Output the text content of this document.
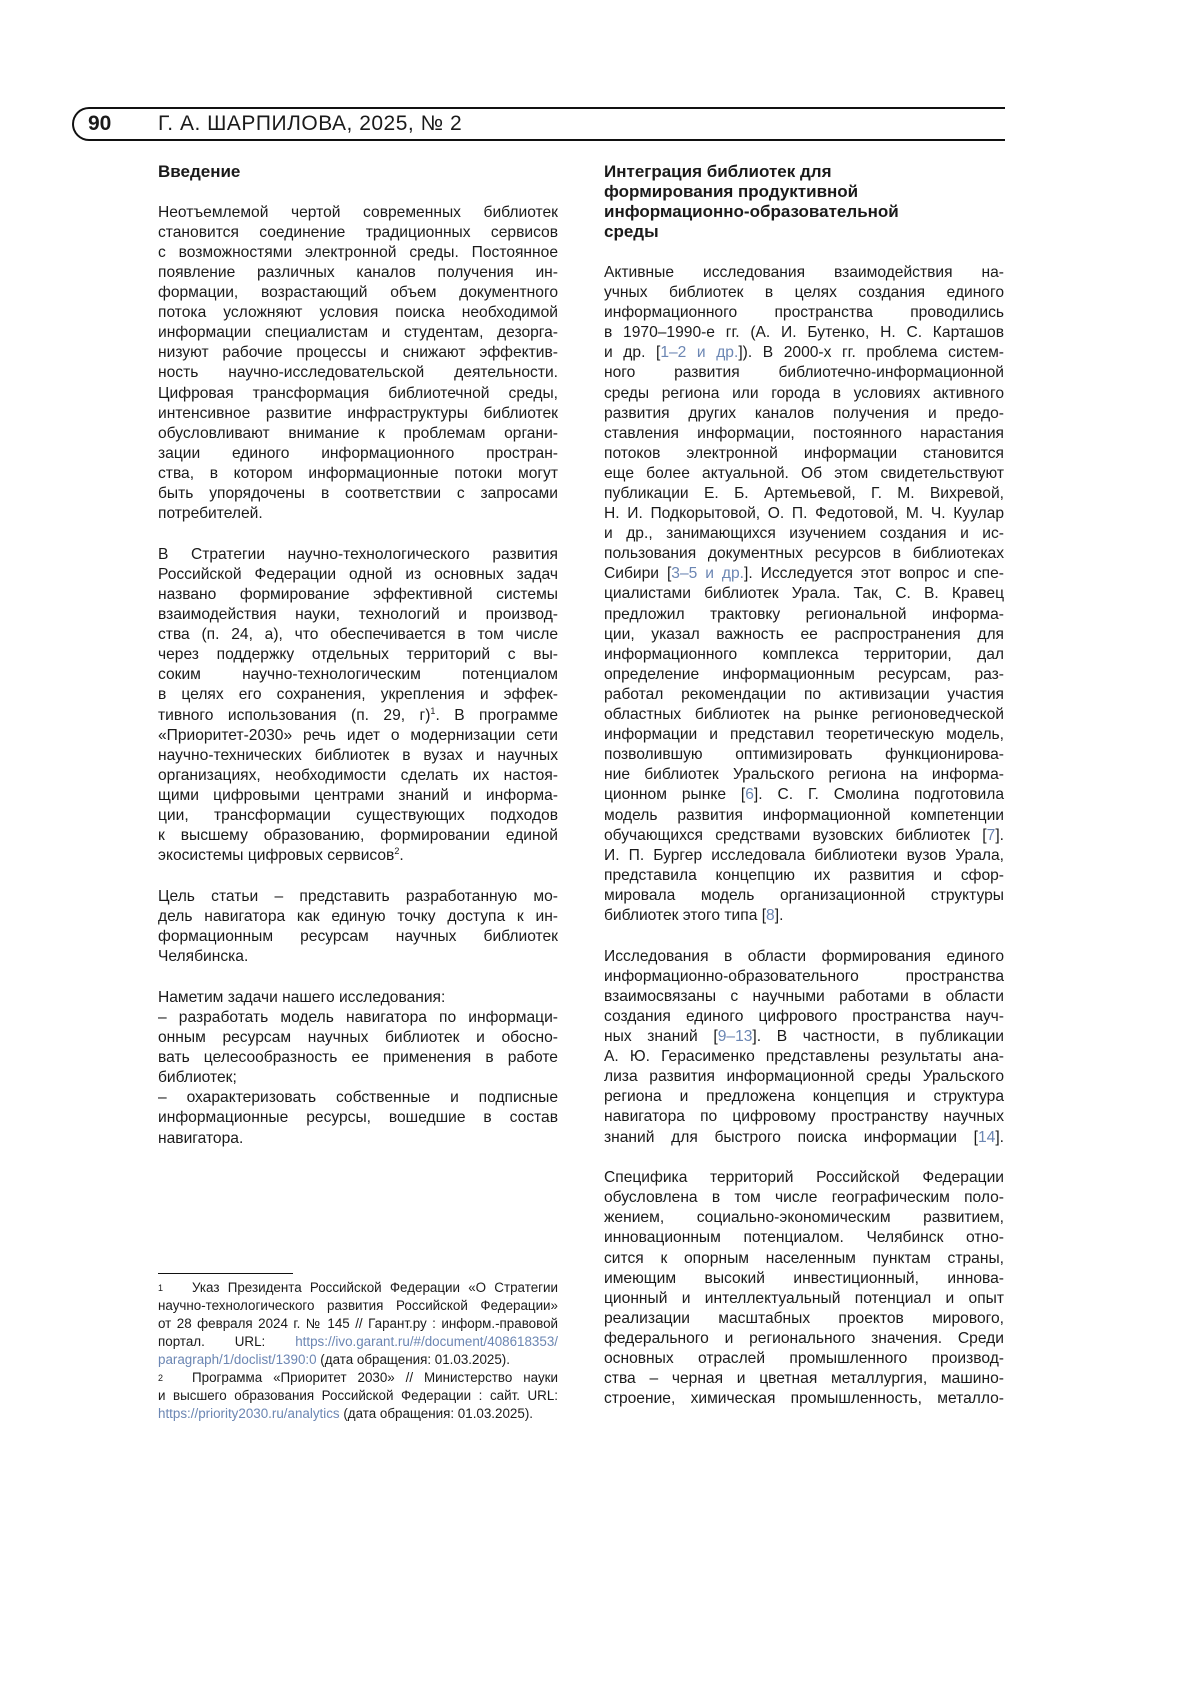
90 Г. А. ШАРПИЛОВА, 2025, № 2
Введение
Неотъемлемой чертой современных библиотек
становится соединение традиционных сервисов
с возможностями электронной среды. Постоянное
появление различных каналов получения ин-
формации, возрастающий объем документного
потока усложняют условия поиска необходимой
информации специалистам и студентам, дезорга-
низуют рабочие процессы и снижают эффектив-
ность научно-исследовательской деятельности.
Цифровая трансформация библиотечной среды,
интенсивное развитие инфраструктуры библиотек
обусловливают внимание к проблемам органи-
зации единого информационного простран-
ства, в котором информационные потоки могут
быть упорядочены в соответствии с запросами
потребителей.
В Стратегии научно-технологического развития
Российской Федерации одной из основных задач
названо формирование эффективной системы
взаимодействия науки, технологий и производ-
ства (п. 24, а), что обеспечивается в том числе
через поддержку отдельных территорий с вы-
соким научно-технологическим потенциалом
в целях его сохранения, укрепления и эффек-
тивного использования (п. 29, г)1. В программе
«Приоритет-2030» речь идет о модернизации сети
научно-технических библиотек в вузах и научных
организациях, необходимости сделать их настоя-
щими цифровыми центрами знаний и информа-
ции, трансформации существующих подходов
к высшему образованию, формировании единой
экосистемы цифровых сервисов2.
Цель статьи – представить разработанную мо-
дель навигатора как единую точку доступа к ин-
формационным ресурсам научных библиотек
Челябинска.
Наметим задачи нашего исследования:
– разработать модель навигатора по информаци-
онным ресурсам научных библиотек и обосно-
вать целесообразность ее применения в работе
библиотек;
– охарактеризовать собственные и подписные
информационные ресурсы, вошедшие в состав
навигатора.
Интеграция библиотек для
формирования продуктивной
информационно-образовательной
среды
Активные исследования взаимодействия на-
учных библиотек в целях создания единого
информационного пространства проводились
в 1970–1990-е гг. (А. И. Бутенко, Н. С. Карташов
и др. [1–2 и др.]). В 2000-х гг. проблема систем-
ного развития библиотечно-информационной
среды региона или города в условиях активного
развития других каналов получения и предо-
ставления информации, постоянного нарастания
потоков электронной информации становится
еще более актуальной. Об этом свидетельствуют
публикации Е. Б. Артемьевой, Г. М. Вихревой,
Н. И. Подкорытовой, О. П. Федотовой, М. Ч. Куулар
и др., занимающихся изучением создания и ис-
пользования документных ресурсов в библиотеках
Сибири [3–5 и др.]. Исследуется этот вопрос и спе-
циалистами библиотек Урала. Так, С. В. Кравец
предложил трактовку региональной информа-
ции, указал важность ее распространения для
информационного комплекса территории, дал
определение информационным ресурсам, раз-
работал рекомендации по активизации участия
областных библиотек на рынке регионоведческой
информации и представил теоретическую модель,
позволившую оптимизировать функционирова-
ние библиотек Уральского региона на информа-
ционном рынке [6]. С. Г. Смолина подготовила
модель развития информационной компетенции
обучающихся средствами вузовских библиотек [7].
И. П. Бургер исследовала библиотеки вузов Урала,
представила концепцию их развития и сфор-
мировала модель организационной структуры
библиотек этого типа [8].
Исследования в области формирования единого
информационно-образовательного пространства
взаимосвязаны с научными работами в области
создания единого цифрового пространства науч-
ных знаний [9–13]. В частности, в публикации
А. Ю. Герасименко представлены результаты ана-
лиза развития информационной среды Уральского
региона и предложена концепция и структура
навигатора по цифровому пространству научных
знаний для быстрого поиска информации [14].
Специфика территорий Российской Федерации
обусловлена в том числе географическим поло-
жением, социально-экономическим развитием,
инновационным потенциалом. Челябинск отно-
сится к опорным населенным пунктам страны,
имеющим высокий инвестиционный, иннова-
ционный и интеллектуальный потенциал и опыт
реализации масштабных проектов мирового,
федерального и регионального значения. Среди
основных отраслей промышленного производ-
ства – черная и цветная металлургия, машино-
строение, химическая промышленность, металло-
1 Указ Президента Российской Федерации «О Стратегии
научно-технологического развития Российской Федерации»
от 28 февраля 2024 г. № 145 // Гарант.ру : информ.-правовой
портал. URL: https://ivo.garant.ru/#/document/408618353/
paragraph/1/doclist/1390:0 (дата обращения: 01.03.2025).
2 Программа «Приоритет 2030» // Министерство науки
и высшего образования Российской Федерации : сайт. URL:
https://priority2030.ru/analytics (дата обращения: 01.03.2025).
